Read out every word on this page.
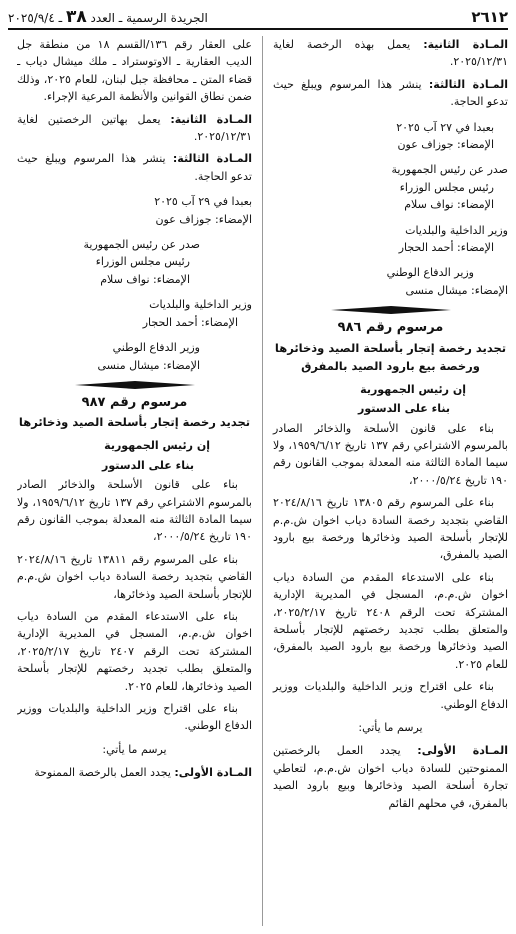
٢٦١٢
الجريدة الرسمية ـ العدد ٣٨ ـ ٢٠٢٥/٩/٤

المـادة الثانية: يعمل بهذه الرخصة لغاية ٢٠٢٥/١٢/٣١.

المـادة الثالثة: ينشر هذا المرسوم ويبلغ حيث تدعو الحاجة.

بعبدا في ٢٧ آب ٢٠٢٥

الإمضاء: جوزاف عون

صدر عن رئيس الجمهورية

رئيس مجلس الوزراء

الإمضاء: نواف سلام

وزير الداخلية والبلديات

الإمضاء: أحمد الحجار

وزير الدفاع الوطني

الإمضاء: ميشال منسى

مرسوم رقم ٩٨٦

تجديد رخصة إتجار بأسلحة الصيد وذخائرها ورخصة بيع بارود الصيد بالمفرق

إن رئيس الجمهورية

بناء على الدستور

بناء على قانون الأسلحة والذخائر الصادر بالمرسوم الاشتراعي رقم ١٣٧ تاريخ ١٩٥٩/٦/١٢، ولا سيما المادة الثالثة منه المعدلة بموجب القانون رقم ١٩٠ تاريخ ٢٠٠٠/٥/٢٤،

بناء على المرسوم رقم ١٣٨٠٥ تاريخ ٢٠٢٤/٨/١٦ القاضي بتجديد رخصة السادة دياب اخوان ش.م.م للإتجار بأسلحة الصيد وذخائرها ورخصة بيع بارود الصيد بالمفرق،

بناء على الاستدعاء المقدم من السادة دياب اخوان ش.م.م، المسجل في المديرية الإدارية المشتركة تحت الرقم ٢٤٠٨ تاريخ ٢٠٢٥/٢/١٧، والمتعلق بطلب تجديد رخصتهم للإتجار بأسلحة الصيد وذخائرها ورخصة بيع بارود الصيد بالمفرق، للعام ٢٠٢٥.

بناء على اقتراح وزير الداخلية والبلديات ووزير الدفاع الوطني.

يرسم ما يأتي:

المـادة الأولى: يجدد العمل بالرخصتين الممنوحتين للسادة دياب اخوان ش.م.م، لتعاطي تجارة أسلحة الصيد وذخائرها وبيع بارود الصيد بالمفرق، في محلهم القائم

على العقار رقم ١٣٦/القسم ١٨ من منطقة جل الديب العقارية ـ الاوتوستراد ـ ملك ميشال دياب ـ قضاء المتن ـ محافظة جبل لبنان، للعام ٢٠٢٥، وذلك ضمن نطاق القوانين والأنظمة المرعية الإجراء.

المـادة الثانية: يعمل بهاتين الرخصتين لغاية ٢٠٢٥/١٢/٣١.

المـادة الثالثة: ينشر هذا المرسوم ويبلغ حيث تدعو الحاجة.

بعبدا في ٢٩ آب ٢٠٢٥

الإمضاء: جوزاف عون

صدر عن رئيس الجمهورية

رئيس مجلس الوزراء

الإمضاء: نواف سلام

وزير الداخلية والبلديات

الإمضاء: أحمد الحجار

وزير الدفاع الوطني

الإمضاء: ميشال منسى

مرسوم رقم ٩٨٧

تجديد رخصة إتجار بأسلحة الصيد وذخائرها

إن رئيس الجمهورية

بناء على الدستور

بناء على قانون الأسلحة والذخائر الصادر بالمرسوم الاشتراعي رقم ١٣٧ تاريخ ١٩٥٩/٦/١٢، ولا سيما المادة الثالثة منه المعدلة بموجب القانون رقم ١٩٠ تاريخ ٢٠٠٠/٥/٢٤،

بناء على المرسوم رقم ١٣٨١١ تاريخ ٢٠٢٤/٨/١٦ القاضي بتجديد رخصة السادة دياب اخوان ش.م.م للإتجار بأسلحة الصيد وذخائرها،

بناء على الاستدعاء المقدم من السادة دياب اخوان ش.م.م، المسجل في المديرية الإدارية المشتركة تحت الرقم ٢٤٠٧ تاريخ ٢٠٢٥/٢/١٧، والمتعلق بطلب تجديد رخصتهم للإتجار بأسلحة الصيد وذخائرها، للعام ٢٠٢٥.

بناء على اقتراح وزير الداخلية والبلديات ووزير الدفاع الوطني.

يرسم ما يأتي:

المـادة الأولى: يجدد العمل بالرخصة الممنوحة
